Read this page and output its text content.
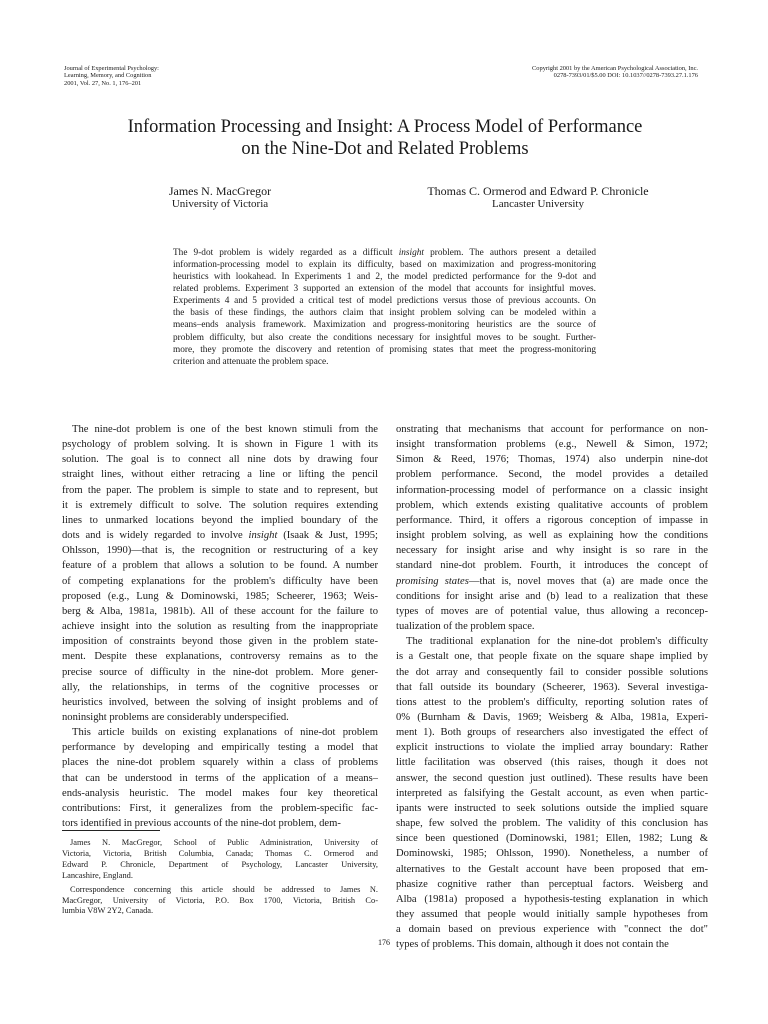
Journal of Experimental Psychology:
Learning, Memory, and Cognition
2001, Vol. 27, No. 1, 176–201
Copyright 2001 by the American Psychological Association, Inc.
0278-7393/01/$5.00 DOI: 10.1037//0278-7393.27.1.176
Information Processing and Insight: A Process Model of Performance
on the Nine-Dot and Related Problems
James N. MacGregor
University of Victoria
Thomas C. Ormerod and Edward P. Chronicle
Lancaster University
The 9-dot problem is widely regarded as a difficult insight problem. The authors present a detailed
information-processing model to explain its difficulty, based on maximization and progress-monitoring
heuristics with lookahead. In Experiments 1 and 2, the model predicted performance for the 9-dot and
related problems. Experiment 3 supported an extension of the model that accounts for insightful moves.
Experiments 4 and 5 provided a critical test of model predictions versus those of previous accounts. On
the basis of these findings, the authors claim that insight problem solving can be modeled within a
means–ends analysis framework. Maximization and progress-monitoring heuristics are the source of
problem difficulty, but also create the conditions necessary for insightful moves to be sought. Further-
more, they promote the discovery and retention of promising states that meet the progress-monitoring
criterion and attenuate the problem space.
The nine-dot problem is one of the best known stimuli from the
psychology of problem solving. It is shown in Figure 1 with its
solution. The goal is to connect all nine dots by drawing four
straight lines, without either retracing a line or lifting the pencil
from the paper. The problem is simple to state and to represent, but
it is extremely difficult to solve. The solution requires extending
lines to unmarked locations beyond the implied boundary of the
dots and is widely regarded to involve insight (Isaak & Just, 1995;
Ohlsson, 1990)—that is, the recognition or restructuring of a key
feature of a problem that allows a solution to be found. A number
of competing explanations for the problem's difficulty have been
proposed (e.g., Lung & Dominowski, 1985; Scheerer, 1963; Weis-
berg & Alba, 1981a, 1981b). All of these account for the failure to
achieve insight into the solution as resulting from the inappropriate
imposition of constraints beyond those given in the problem state-
ment. Despite these explanations, controversy remains as to the
precise source of difficulty in the nine-dot problem. More gener-
ally, the relationships, in terms of the cognitive processes or
heuristics involved, between the solving of insight problems and of
noninsight problems are considerably underspecified.
This article builds on existing explanations of nine-dot problem
performance by developing and empirically testing a model that
places the nine-dot problem squarely within a class of problems
that can be understood in terms of the application of a means–
ends-analysis heuristic. The model makes four key theoretical
contributions: First, it generalizes from the problem-specific fac-
tors identified in previous accounts of the nine-dot problem, dem-
onstrating that mechanisms that account for performance on non-
insight transformation problems (e.g., Newell & Simon, 1972;
Simon & Reed, 1976; Thomas, 1974) also underpin nine-dot
problem performance. Second, the model provides a detailed
information-processing model of performance on a classic insight
problem, which extends existing qualitative accounts of problem
performance. Third, it offers a rigorous conception of impasse in
insight problem solving, as well as explaining how the conditions
necessary for insight arise and why insight is so rare in the
standard nine-dot problem. Fourth, it introduces the concept of
promising states—that is, novel moves that (a) are made once the
conditions for insight arise and (b) lead to a realization that these
types of moves are of potential value, thus allowing a reconcep-
tualization of the problem space.
The traditional explanation for the nine-dot problem's difficulty
is a Gestalt one, that people fixate on the square shape implied by
the dot array and consequently fail to consider possible solutions
that fall outside its boundary (Scheerer, 1963). Several investiga-
tions attest to the problem's difficulty, reporting solution rates of
0% (Burnham & Davis, 1969; Weisberg & Alba, 1981a, Experi-
ment 1). Both groups of researchers also investigated the effect of
explicit instructions to violate the implied array boundary: Rather
little facilitation was observed (this raises, though it does not
answer, the second question just outlined). These results have been
interpreted as falsifying the Gestalt account, as even when partic-
ipants were instructed to seek solutions outside the implied square
shape, few solved the problem. The validity of this conclusion has
since been questioned (Dominowski, 1981; Ellen, 1982; Lung &
Dominowski, 1985; Ohlsson, 1990). Nonetheless, a number of
alternatives to the Gestalt account have been proposed that em-
phasize cognitive rather than perceptual factors. Weisberg and
Alba (1981a) proposed a hypothesis-testing explanation in which
they assumed that people would initially sample hypotheses from
a domain based on previous experience with "connect the dot"
types of problems. This domain, although it does not contain the
James N. MacGregor, School of Public Administration, University of
Victoria, Victoria, British Columbia, Canada; Thomas C. Ormerod and
Edward P. Chronicle, Department of Psychology, Lancaster University,
Lancashire, England.
Correspondence concerning this article should be addressed to James N.
MacGregor, University of Victoria, P.O. Box 1700, Victoria, British Co-
lumbia V8W 2Y2, Canada.
176
